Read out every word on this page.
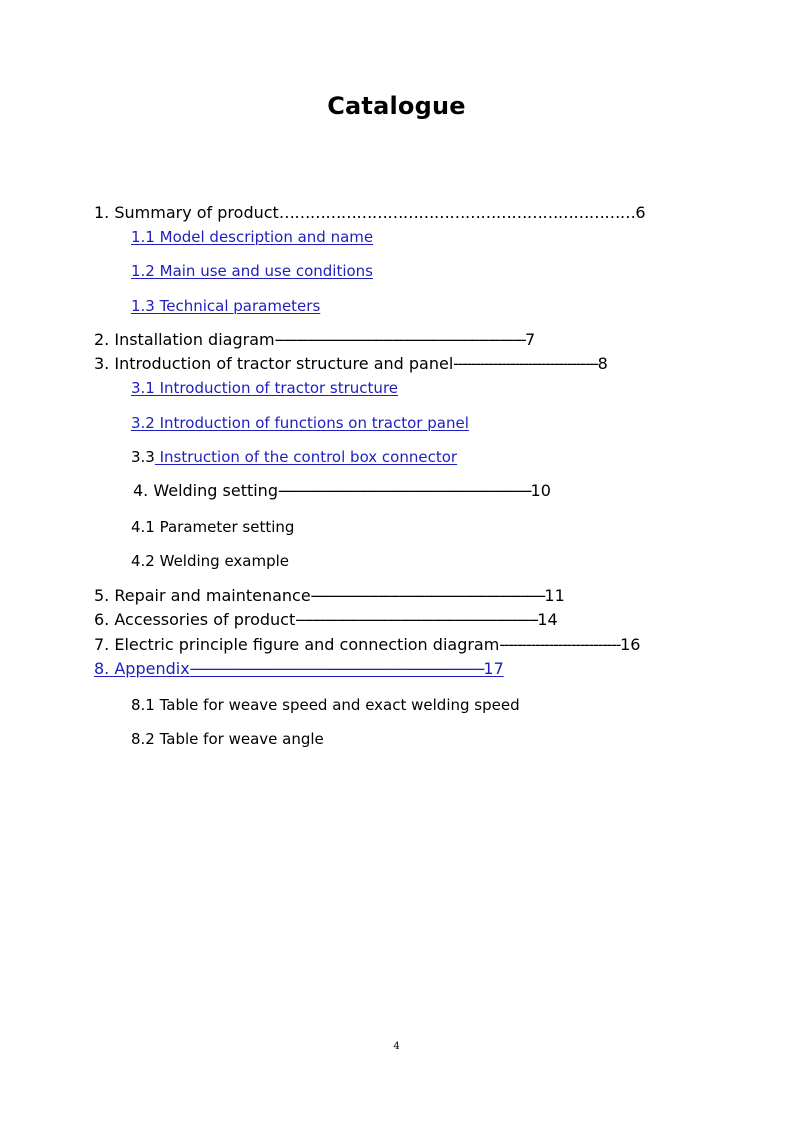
Catalogue
1. Summary of product……………………………………………………………6
1.1 Model description and name
1.2 Main use and use conditions
1.3 Technical parameters
2. Installation diagram------------------------------------------------------------7
3. Introduction of tractor structure and panel---------------------------------8
3.1 Introduction of tractor structure
3.2 Introduction of functions on tractor panel
3.3 Instruction of the control box connector
4. Welding setting--------------------------------------------------------------10
4.1 Parameter setting
4.2 Welding example
5. Repair and maintenance--------------------------------------------------------11
6. Accessories of product----------------------------------------------------------14
7. Electric principle figure and connection diagram---------------------------16
8. Appendix-------------------------------------------------------------------------17
8.1 Table for weave speed and exact welding speed
8.2 Table for weave angle
4
